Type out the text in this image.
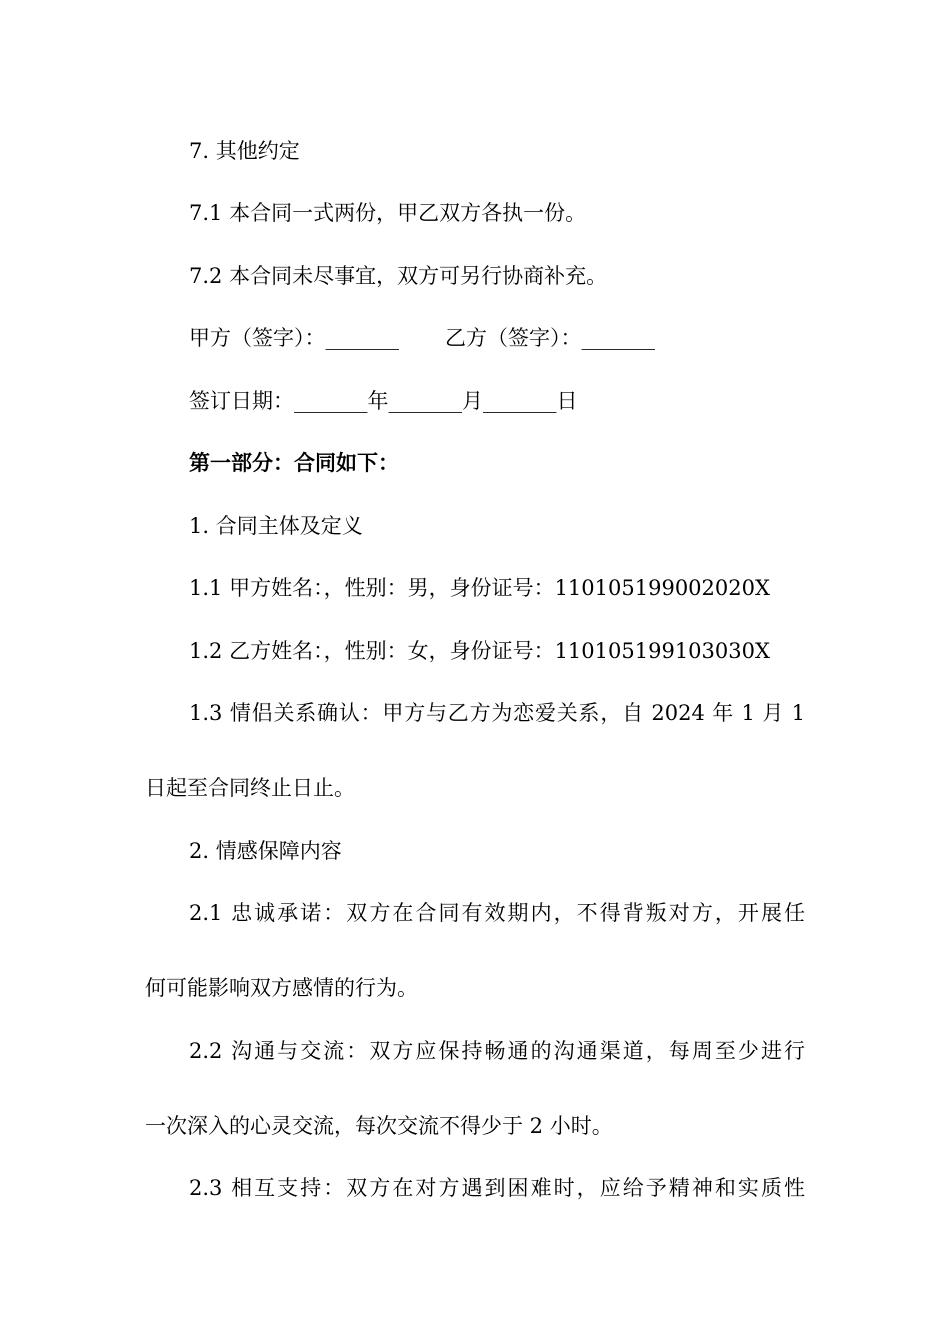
7. 其他约定
7.1 本合同一式两份，甲乙双方各执一份。
7.2 本合同未尽事宜，双方可另行协商补充。
甲方（签字）：_______ 乙方（签字）：_______
签订日期：_______年_______月_______日
第一部分：合同如下：
1. 合同主体及定义
1.1 甲方姓名：，性别：男，身份证号：110105199002020X
1.2 乙方姓名：，性别：女，身份证号：110105199103030X
1.3 情侣关系确认：甲方与乙方为恋爱关系，自 2024 年 1 月 1
日起至合同终止日止。
2. 情感保障内容
2.1 忠诚承诺：双方在合同有效期内，不得背叛对方，开展任
何可能影响双方感情的行为。
2.2 沟通与交流：双方应保持畅通的沟通渠道，每周至少进行
一次深入的心灵交流，每次交流不得少于 2 小时。
2.3 相互支持：双方在对方遇到困难时，应给予精神和实质性
